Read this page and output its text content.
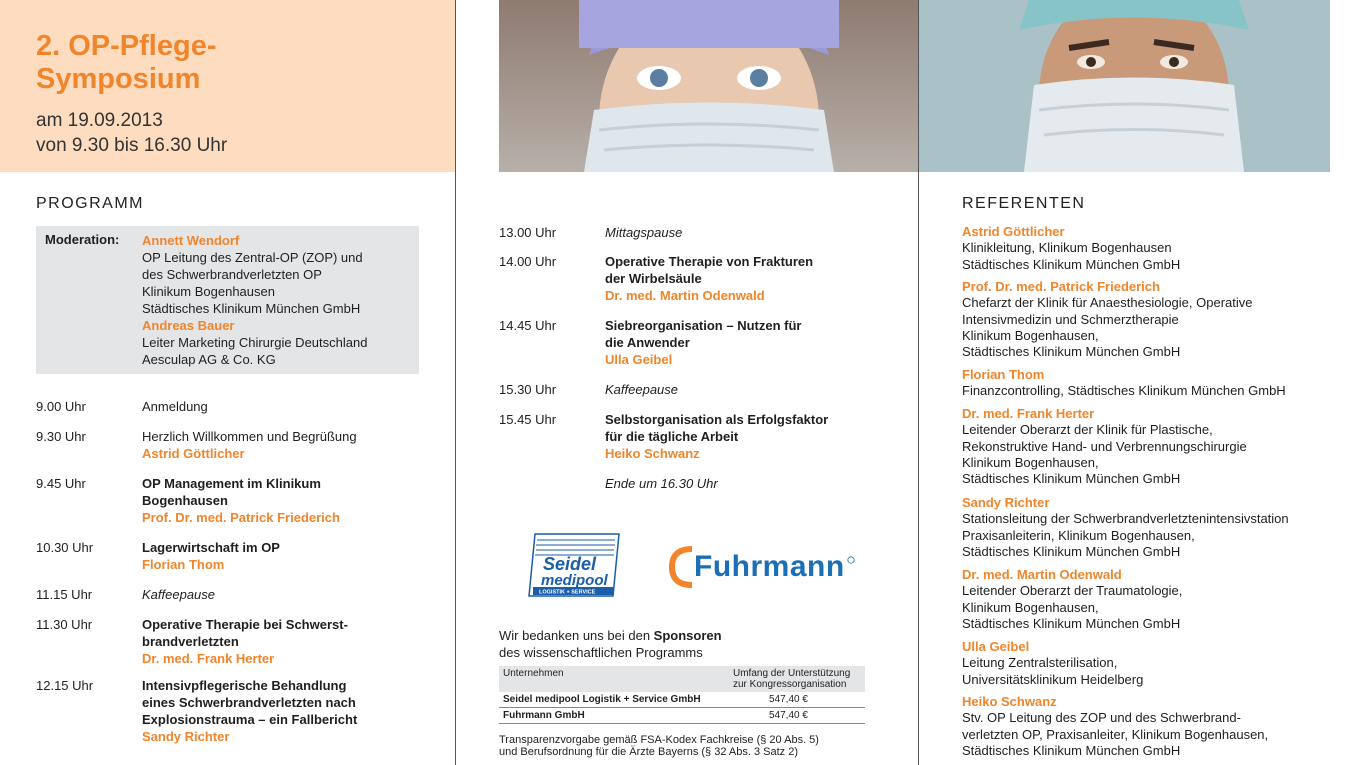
2. OP-Pflege-
Symposium
am 19.09.2013
von 9.30 bis 16.30 Uhr
PROGRAMM
Moderation: Annett Wendorf
OP Leitung des Zentral-OP (ZOP) und
des Schwerbrandverletzten OP
Klinikum Bogenhausen
Städtisches Klinikum München GmbH
Andreas Bauer
Leiter Marketing Chirurgie Deutschland
Aesculap AG & Co. KG
9.00 Uhr	Anmeldung
9.30 Uhr	Herzlich Willkommen und Begrüßung
Astrid Göttlicher
9.45 Uhr	OP Management im Klinikum
Bogenhausen
Prof. Dr. med. Patrick Friederich
10.30 Uhr	Lagerwirtschaft im OP
Florian Thom
11.15 Uhr	Kaffeepause
11.30 Uhr	Operative Therapie bei Schwerst-
brandverletzten
Dr. med. Frank Herter
12.15 Uhr	Intensivpflegerische Behandlung
eines Schwerbrandverletzten nach
Explosionstrauma – ein Fallbericht
Sandy Richter
13.00 Uhr	Mittagspause
14.00 Uhr	Operative Therapie von Frakturen
der Wirbelsäule
Dr. med. Martin Odenwald
14.45 Uhr	Siebreorganisation – Nutzen für
die Anwender
Ulla Geibel
15.30 Uhr	Kaffeepause
15.45 Uhr	Selbstorganisation als Erfolgsfaktor
für die tägliche Arbeit
Heiko Schwanz
Ende um 16.30 Uhr
Seidel
medipool
LOGISTIK + SERVICE
Fuhrmann
Wir bedanken uns bei den Sponsoren
des wissenschaftlichen Programms
Unternehmen	Umfang der Unterstützung
zur Kongressorganisation

Seidel medipool Logistik + Service GmbH	547,40 €
Fuhrmann GmbH	547,40 €
Transparenzvorgabe gemäß FSA-Kodex Fachkreise (§ 20 Abs. 5)
und Berufsordnung für die Ärzte Bayerns (§ 32 Abs. 3 Satz 2)
REFERENTEN
Astrid Göttlicher
Klinikleitung, Klinikum Bogenhausen
Städtisches Klinikum München GmbH
Prof. Dr. med. Patrick Friederich
Chefarzt der Klinik für Anaesthesiologie, Operative
Intensivmedizin und Schmerztherapie
Klinikum Bogenhausen,
Städtisches Klinikum München GmbH
Florian Thom
Finanzcontrolling, Städtisches Klinikum München GmbH
Dr. med. Frank Herter
Leitender Oberarzt der Klinik für Plastische,
Rekonstruktive Hand- und Verbrennungschirurgie
Klinikum Bogenhausen,
Städtisches Klinikum München GmbH
Sandy Richter
Stationsleitung der Schwerbrandverletztenintensivstation
Praxisanleiterin, Klinikum Bogenhausen,
Städtisches Klinikum München GmbH
Dr. med. Martin Odenwald
Leitender Oberarzt der Traumatologie,
Klinikum Bogenhausen,
Städtisches Klinikum München GmbH
Ulla Geibel
Leitung Zentralsterilisation,
Universitätsklinikum Heidelberg
Heiko Schwanz
Stv. OP Leitung des ZOP und des Schwerbrand-
verletzten OP, Praxisanleiter, Klinikum Bogenhausen,
Städtisches Klinikum München GmbH
